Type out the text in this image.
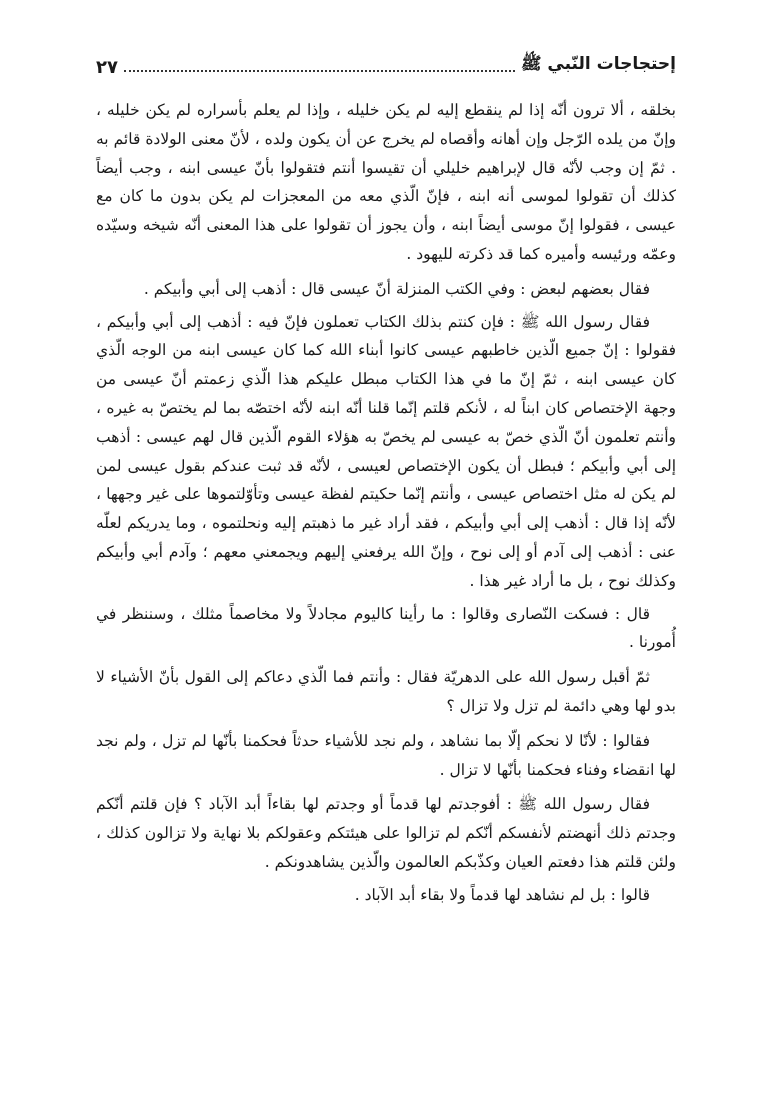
إحتجاجات النّبي ﷺ
٢٧

بخلقه ، ألا ترون أنّه إذا لم ينقطع إليه لم يكن خليله ، وإذا لم يعلم بأسراره لم يكن خليله ، وإنّ من يلده الرّجل وإن أهانه وأقصاه لم يخرج عن أن يكون ولده ، لأنّ معنى الولادة قائم به . ثمّ إن وجب لأنّه قال لإبراهيم خليلي أن تقيسوا أنتم فتقولوا بأنّ عيسى ابنه ، وجب أيضاً كذلك أن تقولوا لموسى أنه ابنه ، فإنّ الّذي معه من المعجزات لم يكن بدون ما كان مع عيسى ، فقولوا إنّ موسى أيضاً ابنه ، وأن يجوز أن تقولوا على هذا المعنى أنّه شيخه وسيّده وعمّه ورئيسه وأميره كما قد ذكرته لليهود .

فقال بعضهم لبعض : وفي الكتب المنزلة أنّ عيسى قال : أذهب إلى أبي وأبيكم .

فقال رسول الله ﷺ : فإن كنتم بذلك الكتاب تعملون فإنّ فيه : أذهب إلى أبي وأبيكم ، فقولوا : إنّ جميع الّذين خاطبهم عيسى كانوا أبناء الله كما كان عيسى ابنه من الوجه الّذي كان عيسى ابنه ، ثمّ إنّ ما في هذا الكتاب مبطل عليكم هذا الّذي زعمتم أنّ عيسى من وجهة الإختصاص كان ابناً له ، لأنكم قلتم إنّما قلنا أنّه ابنه لأنّه اختصّه بما لم يختصّ به غيره ، وأنتم تعلمون أنّ الّذي خصّ به عيسى لم يخصّ به هؤلاء القوم الّذين قال لهم عيسى : أذهب إلى أبي وأبيكم ؛ فبطل أن يكون الإختصاص لعيسى ، لأنّه قد ثبت عندكم بقول عيسى لمن لم يكن له مثل اختصاص عيسى ، وأنتم إنّما حكيتم لفظة عيسى وتأوّلتموها على غير وجهها ، لأنّه إذا قال : أذهب إلى أبي وأبيكم ، فقد أراد غير ما ذهبتم إليه ونحلتموه ، وما يدريكم لعلّه عنى : أذهب إلى آدم أو إلى نوح ، وإنّ الله يرفعني إليهم ويجمعني معهم ؛ وآدم أبي وأبيكم وكذلك نوح ، بل ما أراد غير هذا .

قال : فسكت النّصارى وقالوا : ما رأينا كاليوم مجادلاً ولا مخاصماً مثلك ، وسننظر في أُمورنا .

ثمّ أقبل رسول الله على الدهريّة فقال : وأنتم فما الّذي دعاكم إلى القول بأنّ الأشياء لا بدو لها وهي دائمة لم تزل ولا تزال ؟

فقالوا : لأنّا لا نحكم إلّا بما نشاهد ، ولم نجد للأشياء حدثاً فحكمنا بأنّها لم تزل ، ولم نجد لها انقضاء وفناء فحكمنا بأنّها لا تزال .

فقال رسول الله ﷺ : أفوجدتم لها قدماً أو وجدتم لها بقاءاً أبد الآباد ؟ فإن قلتم أنّكم وجدتم ذلك أنهضتم لأنفسكم أنّكم لم تزالوا على هيئتكم وعقولكم بلا نهاية ولا تزالون كذلك ، ولئن قلتم هذا دفعتم العيان وكذّبكم العالمون والّذين يشاهدونكم .

قالوا : بل لم نشاهد لها قدماً ولا بقاء أبد الآباد .
